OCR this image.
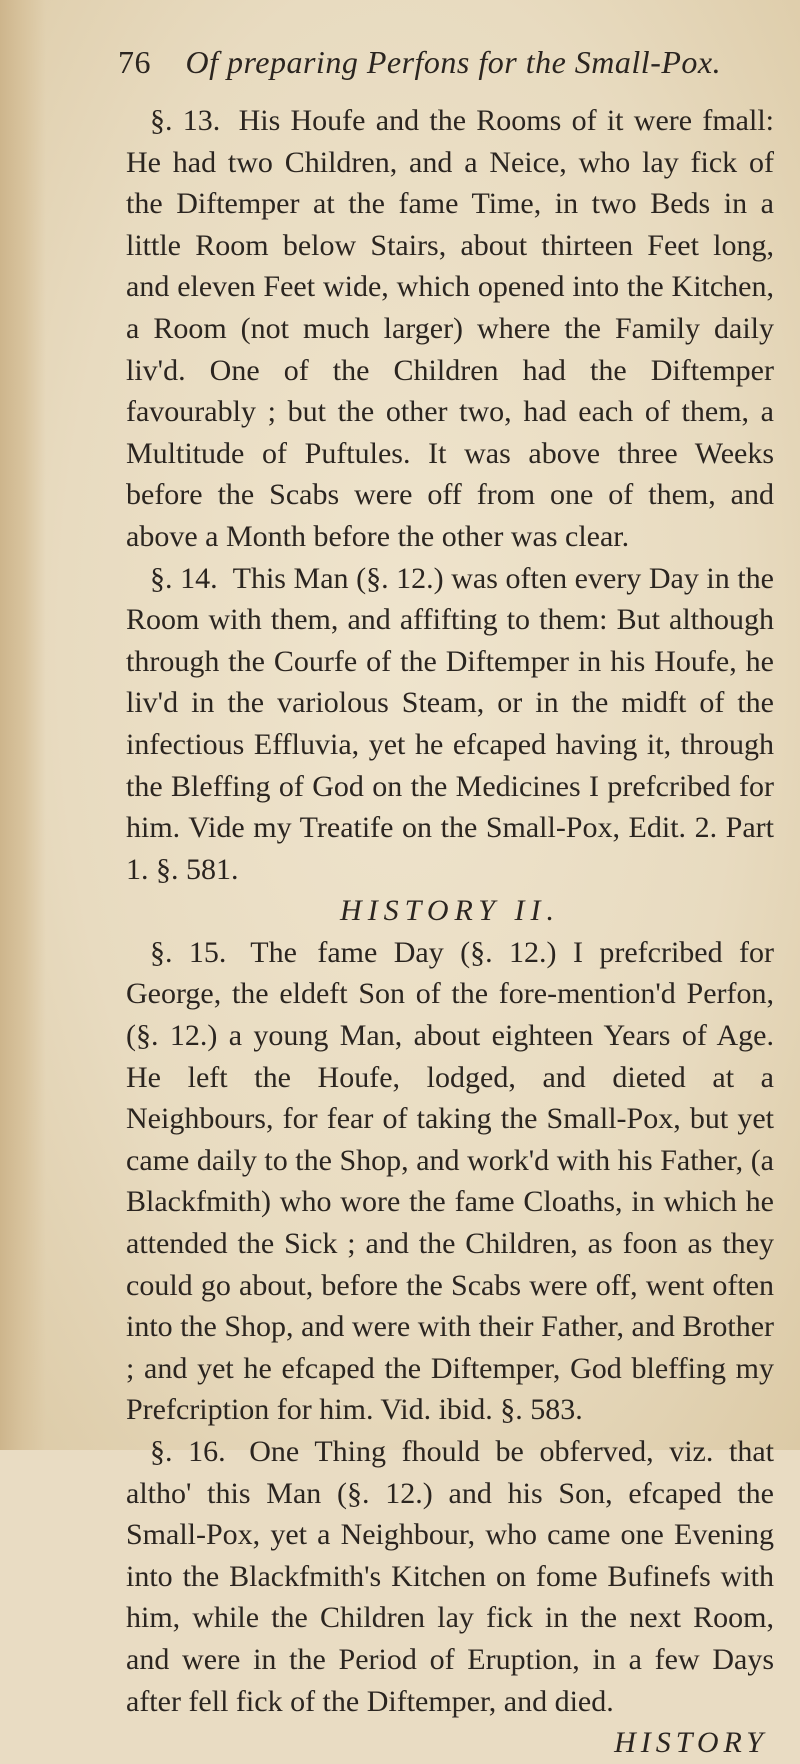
76 Of preparing Perfons for the Small-Pox.

§. 13. His Houfe and the Rooms of it were fmall: He had two Children, and a Neice, who lay fick of the Diftemper at the fame Time, in two Beds in a little Room below Stairs, about thirteen Feet long, and eleven Feet wide, which opened into the Kitchen, a Room (not much larger) where the Family daily liv'd. One of the Children had the Diftemper favourably ; but the other two, had each of them, a Multitude of Puftules. It was above three Weeks before the Scabs were off from one of them, and above a Month before the other was clear.

§. 14. This Man (§. 12.) was often every Day in the Room with them, and affifting to them: But although through the Courfe of the Diftemper in his Houfe, he liv'd in the variolous Steam, or in the midft of the infectious Effluvia, yet he efcaped having it, through the Bleffing of God on the Medicines I prefcribed for him. Vide my Treatife on the Small-Pox, Edit. 2. Part 1. §. 581.

HISTORY II.

§. 15. The fame Day (§. 12.) I prefcribed for George, the eldeft Son of the fore-mention'd Perfon, (§. 12.) a young Man, about eighteen Years of Age. He left the Houfe, lodged, and dieted at a Neighbours, for fear of taking the Small-Pox, but yet came daily to the Shop, and work'd with his Father, (a Blackfmith) who wore the fame Cloaths, in which he attended the Sick ; and the Children, as foon as they could go about, before the Scabs were off, went often into the Shop, and were with their Father, and Brother ; and yet he efcaped the Diftemper, God bleffing my Prefcription for him. Vid. ibid. §. 583.

§. 16. One Thing fhould be obferved, viz. that altho' this Man (§. 12.) and his Son, efcaped the Small-Pox, yet a Neighbour, who came one Evening into the Blackfmith's Kitchen on fome Bufinefs with him, while the Children lay fick in the next Room, and were in the Period of Eruption, in a few Days after fell fick of the Diftemper, and died.

HISTORY
